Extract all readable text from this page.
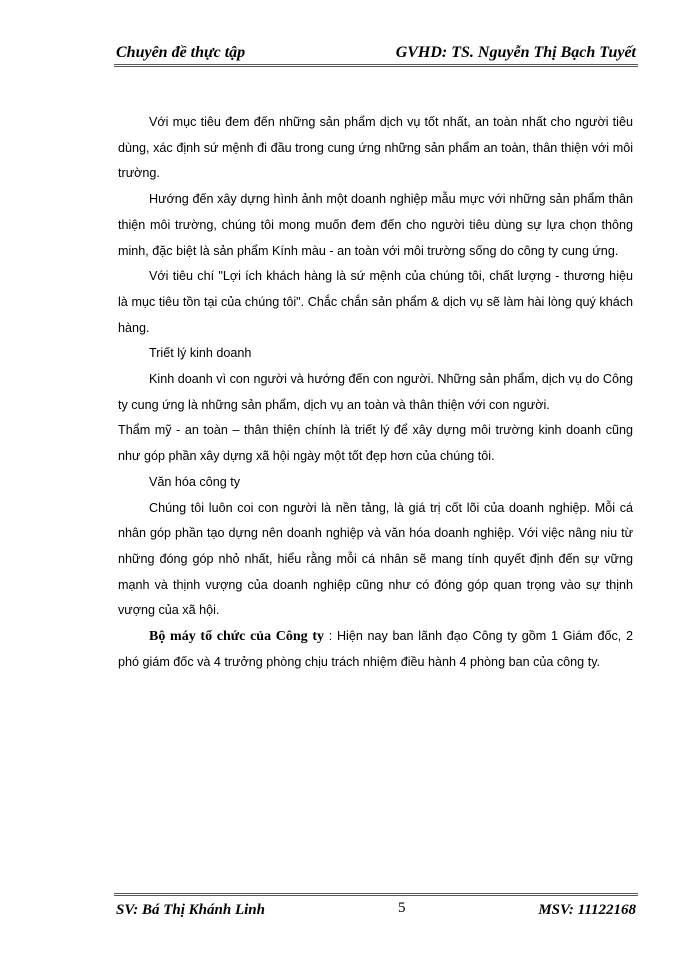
Chuyên đề thực tập	GVHD: TS. Nguyễn Thị Bạch Tuyết

Với mục tiêu đem đến những sản phẩm dịch vụ tốt nhất, an toàn nhất cho người tiêu dùng, xác định sứ mệnh đi đầu trong cung ứng những sản phẩm an toàn, thân thiện với môi trường.

Hướng đến xây dựng hình ảnh một doanh nghiệp mẫu mực với những sản phẩm thân thiện môi trường, chúng tôi mong muốn đem đến cho người tiêu dùng sự lựa chọn thông minh, đặc biệt là sản phẩm Kính màu - an toàn với môi trường sống do công ty cung ứng.

Với tiêu chí "Lợi ích khách hàng là sứ mệnh của chúng tôi, chất lượng - thương hiệu là mục tiêu tồn tại của chúng tôi". Chắc chắn sản phẩm & dịch vụ sẽ làm hài lòng quý khách hàng.

Triết lý kinh doanh

Kinh doanh vì con người và hướng đến con người. Những sản phẩm, dịch vụ do Công ty cung ứng là những sản phẩm, dịch vụ an toàn và thân thiện với con người.

Thẩm mỹ - an toàn – thân thiện chính là triết lý để xây dựng môi trường kinh doanh cũng như góp phần xây dựng xã hội ngày một tốt đẹp hơn của chúng tôi.

Văn hóa công ty

Chúng tôi luôn coi con người là nền tảng, là giá trị cốt lõi của doanh nghiệp. Mỗi cá nhân góp phần tạo dựng nên doanh nghiệp và văn hóa doanh nghiệp. Với việc nâng niu từ những đóng góp nhỏ nhất, hiểu rằng mỗi cá nhân sẽ mang tính quyết định đến sự vững mạnh và thịnh vượng của doanh nghiệp cũng như có đóng góp quan trọng vào sự thịnh vượng của xã hội.

Bộ máy tổ chức của Công ty : Hiện nay ban lãnh đạo Công ty gồm 1 Giám đốc, 2 phó giám đốc và 4 trưởng phòng chịu trách nhiệm điều hành 4 phòng ban của công ty.

SV: Bá Thị Khánh Linh	5	MSV: 11122168
